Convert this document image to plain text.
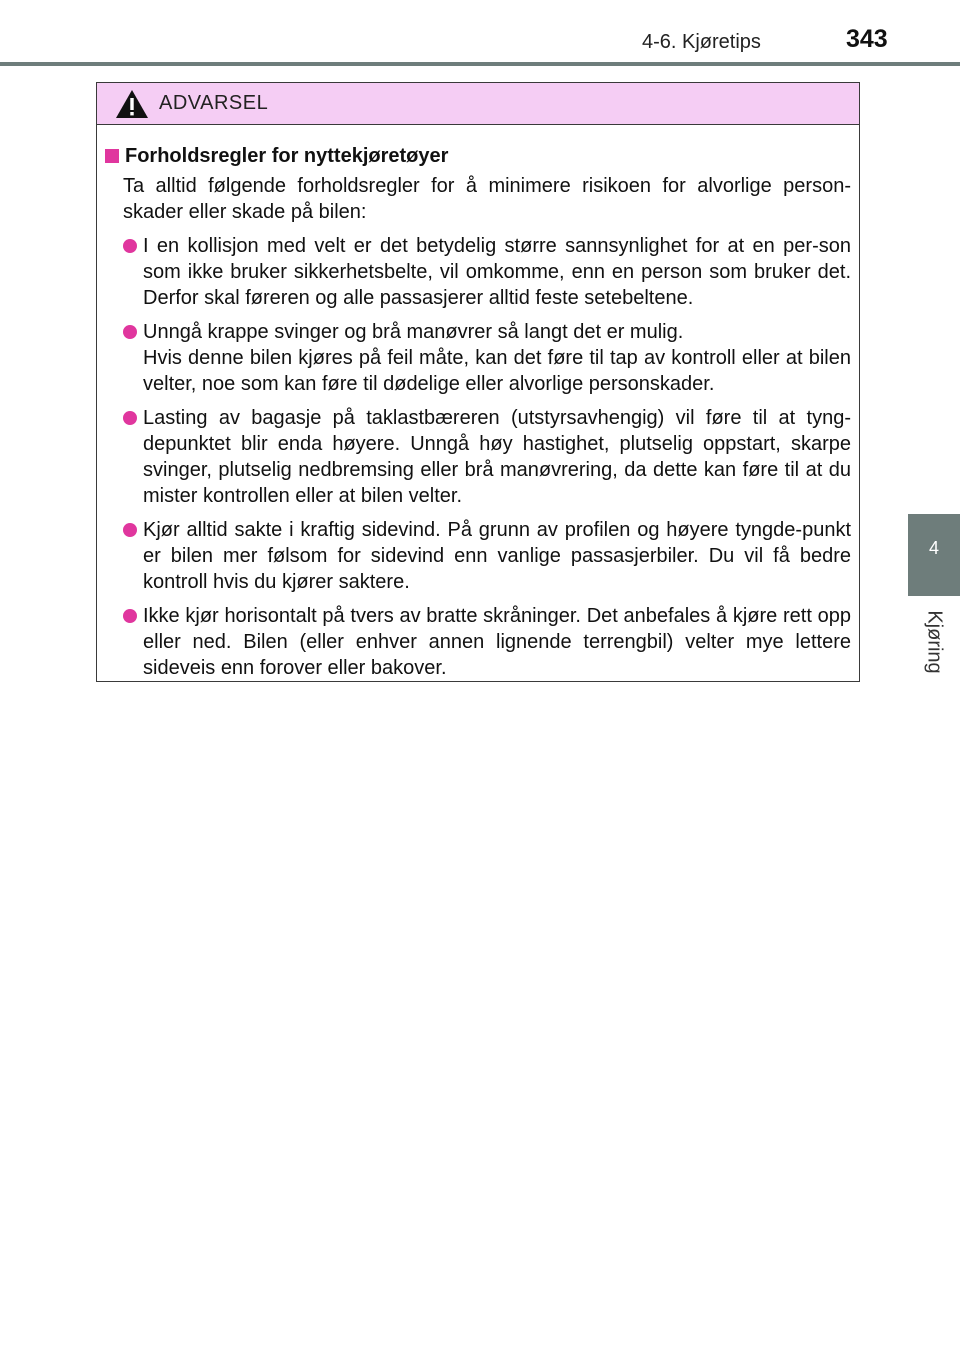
4-6. Kjøretips	343
4
Kjøring
ADVARSEL
Forholdsregler for nyttekjøretøyer
Ta alltid følgende forholdsregler for å minimere risikoen for alvorlige person-skader eller skade på bilen:
I en kollisjon med velt er det betydelig større sannsynlighet for at en per-son som ikke bruker sikkerhetsbelte, vil omkomme, enn en person som bruker det. Derfor skal føreren og alle passasjerer alltid feste setebeltene.
Unngå krappe svinger og brå manøvrer så langt det er mulig.
Hvis denne bilen kjøres på feil måte, kan det føre til tap av kontroll eller at bilen velter, noe som kan føre til dødelige eller alvorlige personskader.
Lasting av bagasje på taklastbæreren (utstyrsavhengig) vil føre til at tyng-depunktet blir enda høyere. Unngå høy hastighet, plutselig oppstart, skarpe svinger, plutselig nedbremsing eller brå manøvrering, da dette kan føre til at du mister kontrollen eller at bilen velter.
Kjør alltid sakte i kraftig sidevind. På grunn av profilen og høyere tyngde-punkt er bilen mer følsom for sidevind enn vanlige passasjerbiler. Du vil få bedre kontroll hvis du kjører saktere.
Ikke kjør horisontalt på tvers av bratte skråninger. Det anbefales å kjøre rett opp eller ned. Bilen (eller enhver annen lignende terrengbil) velter mye lettere sideveis enn forover eller bakover.
